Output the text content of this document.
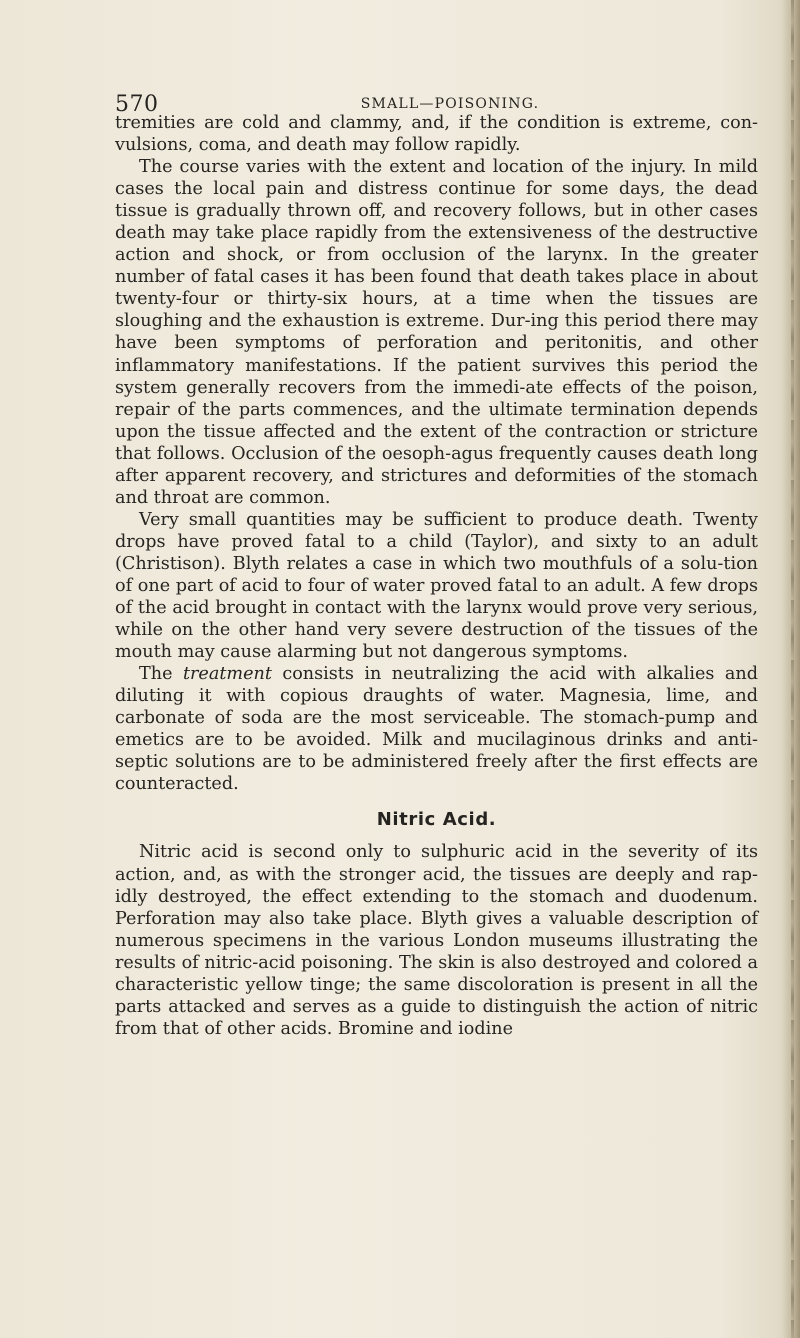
570	SMALL—POISONING.

tremities are cold and clammy, and, if the condition is extreme, con-vulsions, coma, and death may follow rapidly.

The course varies with the extent and location of the injury. In mild cases the local pain and distress continue for some days, the dead tissue is gradually thrown off, and recovery follows, but in other cases death may take place rapidly from the extensiveness of the destructive action and shock, or from occlusion of the larynx. In the greater number of fatal cases it has been found that death takes place in about twenty-four or thirty-six hours, at a time when the tissues are sloughing and the exhaustion is extreme. Dur-ing this period there may have been symptoms of perforation and peritonitis, and other inflammatory manifestations. If the patient survives this period the system generally recovers from the immedi-ate effects of the poison, repair of the parts commences, and the ultimate termination depends upon the tissue affected and the extent of the contraction or stricture that follows. Occlusion of the oesoph-agus frequently causes death long after apparent recovery, and strictures and deformities of the stomach and throat are common.

Very small quantities may be sufficient to produce death. Twenty drops have proved fatal to a child (Taylor), and sixty to an adult (Christison). Blyth relates a case in which two mouthfuls of a solu-tion of one part of acid to four of water proved fatal to an adult. A few drops of the acid brought in contact with the larynx would prove very serious, while on the other hand very severe destruction of the tissues of the mouth may cause alarming but not dangerous symptoms.

The treatment consists in neutralizing the acid with alkalies and diluting it with copious draughts of water. Magnesia, lime, and carbonate of soda are the most serviceable. The stomach-pump and emetics are to be avoided. Milk and mucilaginous drinks and anti-septic solutions are to be administered freely after the first effects are counteracted.

Nitric Acid.

Nitric acid is second only to sulphuric acid in the severity of its action, and, as with the stronger acid, the tissues are deeply and rap-idly destroyed, the effect extending to the stomach and duodenum. Perforation may also take place. Blyth gives a valuable description of numerous specimens in the various London museums illustrating the results of nitric-acid poisoning. The skin is also destroyed and colored a characteristic yellow tinge; the same discoloration is present in all the parts attacked and serves as a guide to distinguish the action of nitric from that of other acids. Bromine and iodine
